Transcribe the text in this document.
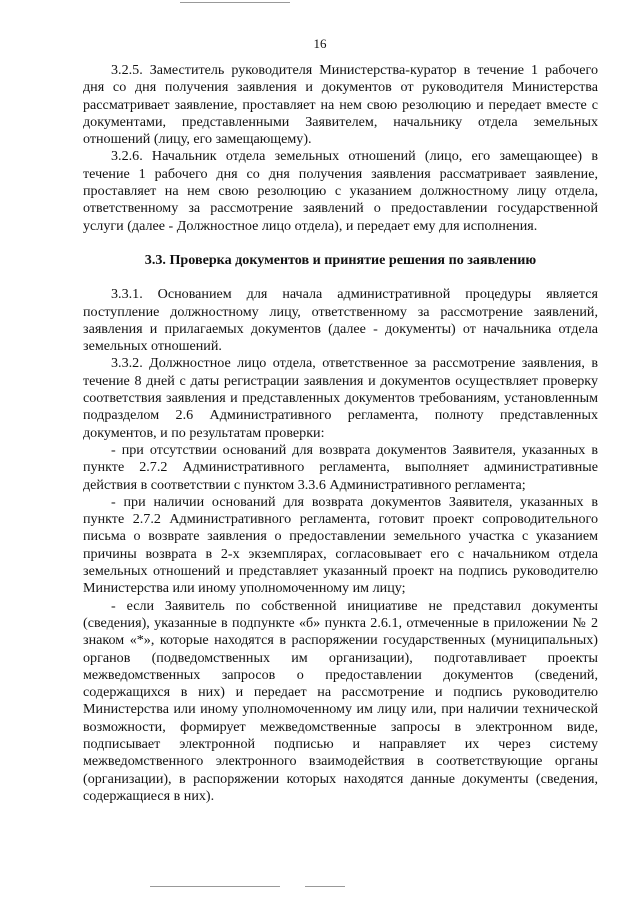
16

3.2.5. Заместитель руководителя Министерства-куратор в течение 1 рабочего дня со дня получения заявления и документов от руководителя Министерства рассматривает заявление, проставляет на нем свою резолюцию и передает вместе с документами, представленными Заявителем, начальнику отдела земельных отношений (лицу, его замещающему).

3.2.6. Начальник отдела земельных отношений (лицо, его замещающее) в течение 1 рабочего дня со дня получения заявления рассматривает заявление, проставляет на нем свою резолюцию с указанием должностному лицу отдела, ответственному за рассмотрение заявлений о предоставлении государственной услуги (далее - Должностное лицо отдела), и передает ему для исполнения.

3.3. Проверка документов и принятие решения по заявлению

3.3.1. Основанием для начала административной процедуры является поступление должностному лицу, ответственному за рассмотрение заявлений, заявления и прилагаемых документов (далее - документы) от начальника отдела земельных отношений.

3.3.2. Должностное лицо отдела, ответственное за рассмотрение заявления, в течение 8 дней с даты регистрации заявления и документов осуществляет проверку соответствия заявления и представленных документов требованиям, установленным подразделом 2.6 Административного регламента, полноту представленных документов, и по результатам проверки:

- при отсутствии оснований для возврата документов Заявителя, указанных в пункте 2.7.2 Административного регламента, выполняет административные действия в соответствии с пунктом 3.3.6 Административного регламента;

- при наличии оснований для возврата документов Заявителя, указанных в пункте 2.7.2 Административного регламента, готовит проект сопроводительного письма о возврате заявления о предоставлении земельного участка с указанием причины возврата в 2-х экземплярах, согласовывает его с начальником отдела земельных отношений и представляет указанный проект на подпись руководителю Министерства или иному уполномоченному им лицу;

- если Заявитель по собственной инициативе не представил документы (сведения), указанные в подпункте «б» пункта 2.6.1, отмеченные в приложении № 2 знаком «*», которые находятся в распоряжении государственных (муниципальных) органов (подведомственных им организации), подготавливает проекты межведомственных запросов о предоставлении документов (сведений, содержащихся в них) и передает на рассмотрение и подпись руководителю Министерства или иному уполномоченному им лицу или, при наличии технической возможности, формирует межведомственные запросы в электронном виде, подписывает электронной подписью и направляет их через систему межведомственного электронного взаимодействия в соответствующие органы (организации), в распоряжении которых находятся данные документы (сведения, содержащиеся в них).
